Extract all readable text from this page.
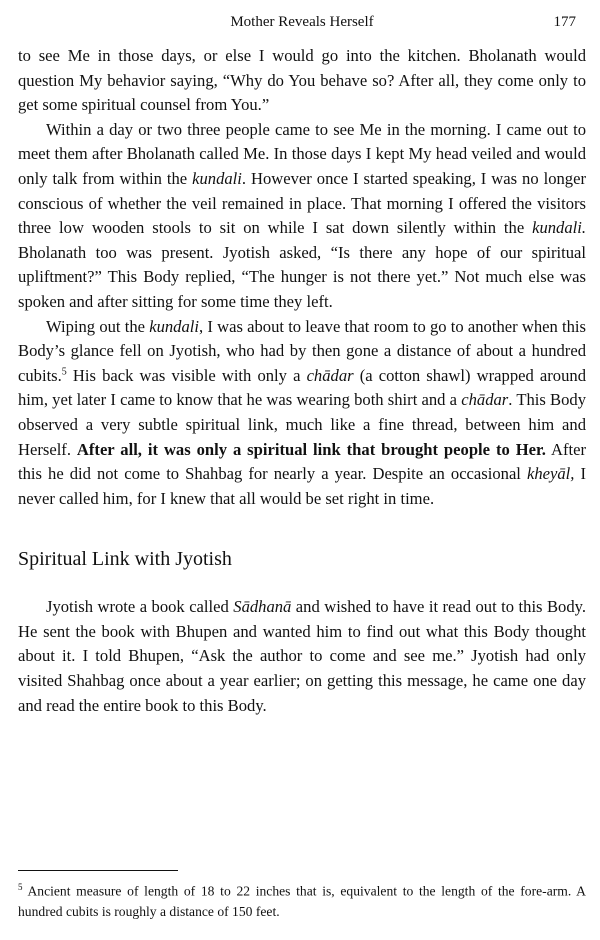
Mother Reveals Herself	177

to see Me in those days, or else I would go into the kitchen. Bholanath would question My behavior saying, “Why do You behave so? After all, they come only to get some spiritual counsel from You.”

Within a day or two three people came to see Me in the morning. I came out to meet them after Bholanath called Me. In those days I kept My head veiled and would only talk from within the kundali. However once I started speaking, I was no longer conscious of whether the veil remained in place. That morning I offered the visitors three low wooden stools to sit on while I sat down silently within the kundali. Bholanath too was present. Jyotish asked, “Is there any hope of our spiritual upliftment?” This Body replied, “The hunger is not there yet.” Not much else was spoken and after sitting for some time they left.

Wiping out the kundali, I was about to leave that room to go to another when this Body’s glance fell on Jyotish, who had by then gone a distance of about a hundred cubits.$^5$ His back was visible with only a chādar (a cotton shawl) wrapped around him, yet later I came to know that he was wearing both shirt and a chādar. This Body observed a very subtle spiritual link, much like a fine thread, between him and Herself. After all, it was only a spiritual link that brought people to Her. After this he did not come to Shahbag for nearly a year. Despite an occasional kheyāl, I never called him, for I knew that all would be set right in time.

Spiritual Link with Jyotish

Jyotish wrote a book called Sādhanā and wished to have it read out to this Body. He sent the book with Bhupen and wanted him to find out what this Body thought about it. I told Bhupen, “Ask the author to come and see me.” Jyotish had only visited Shahbag once about a year earlier; on getting this message, he came one day and read the entire book to this Body.

$^5$ Ancient measure of length of 18 to 22 inches that is, equivalent to the length of the fore-arm. A hundred cubits is roughly a distance of 150 feet.
